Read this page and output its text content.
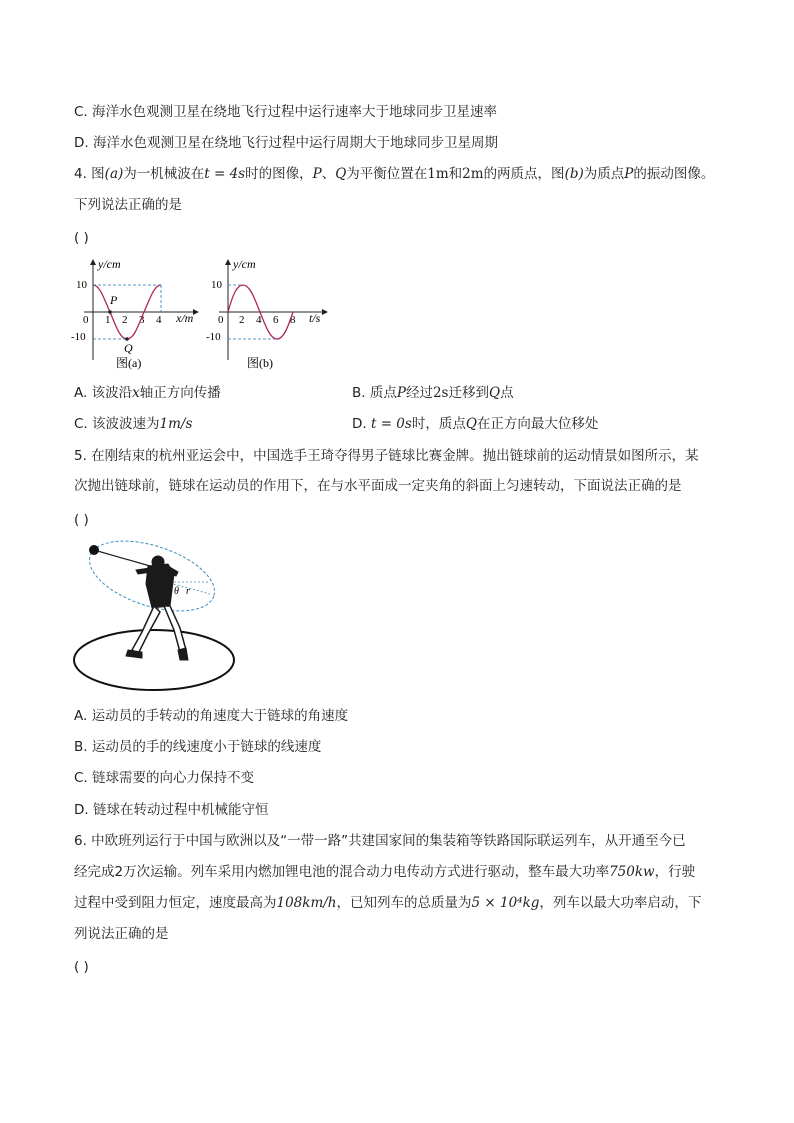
C. 海洋水色观测卫星在绕地飞行过程中运行速率大于地球同步卫星速率
D. 海洋水色观测卫星在绕地飞行过程中运行周期大于地球同步卫星周期
4. 图(a)为一机械波在t = 4s时的图像，P、Q为平衡位置在1m和2m的两质点，图(b)为质点P的振动图像。
下列说法正确的是
( )
y/cm
x/m
10
-10
0 1 2 3 4
P
Q
图(a)
y/cm
t/s
10
-10
0 2 4 6 8
图(b)
A. 该波沿x轴正方向传播	B. 质点P经过2s迁移到Q点
C. 该波波速为1m/s	D. t = 0s时，质点Q在正方向最大位移处
5. 在刚结束的杭州亚运会中，中国选手王琦夺得男子链球比赛金牌。抛出链球前的运动情景如图所示，某
次抛出链球前，链球在运动员的作用下，在与水平面成一定夹角的斜面上匀速转动，下面说法正确的是
( )
θ r
A. 运动员的手转动的角速度大于链球的角速度
B. 运动员的手的线速度小于链球的线速度
C. 链球需要的向心力保持不变
D. 链球在转动过程中机械能守恒
6. 中欧班列运行于中国与欧洲以及“一带一路”共建国家间的集装箱等铁路国际联运列车，从开通至今已
经完成2万次运输。列车采用内燃加锂电池的混合动力电传动方式进行驱动，整车最大功率750kw，行驶
过程中受到阻力恒定，速度最高为108km/h，已知列车的总质量为5 × 10⁴kg，列车以最大功率启动，下
列说法正确的是
( )
